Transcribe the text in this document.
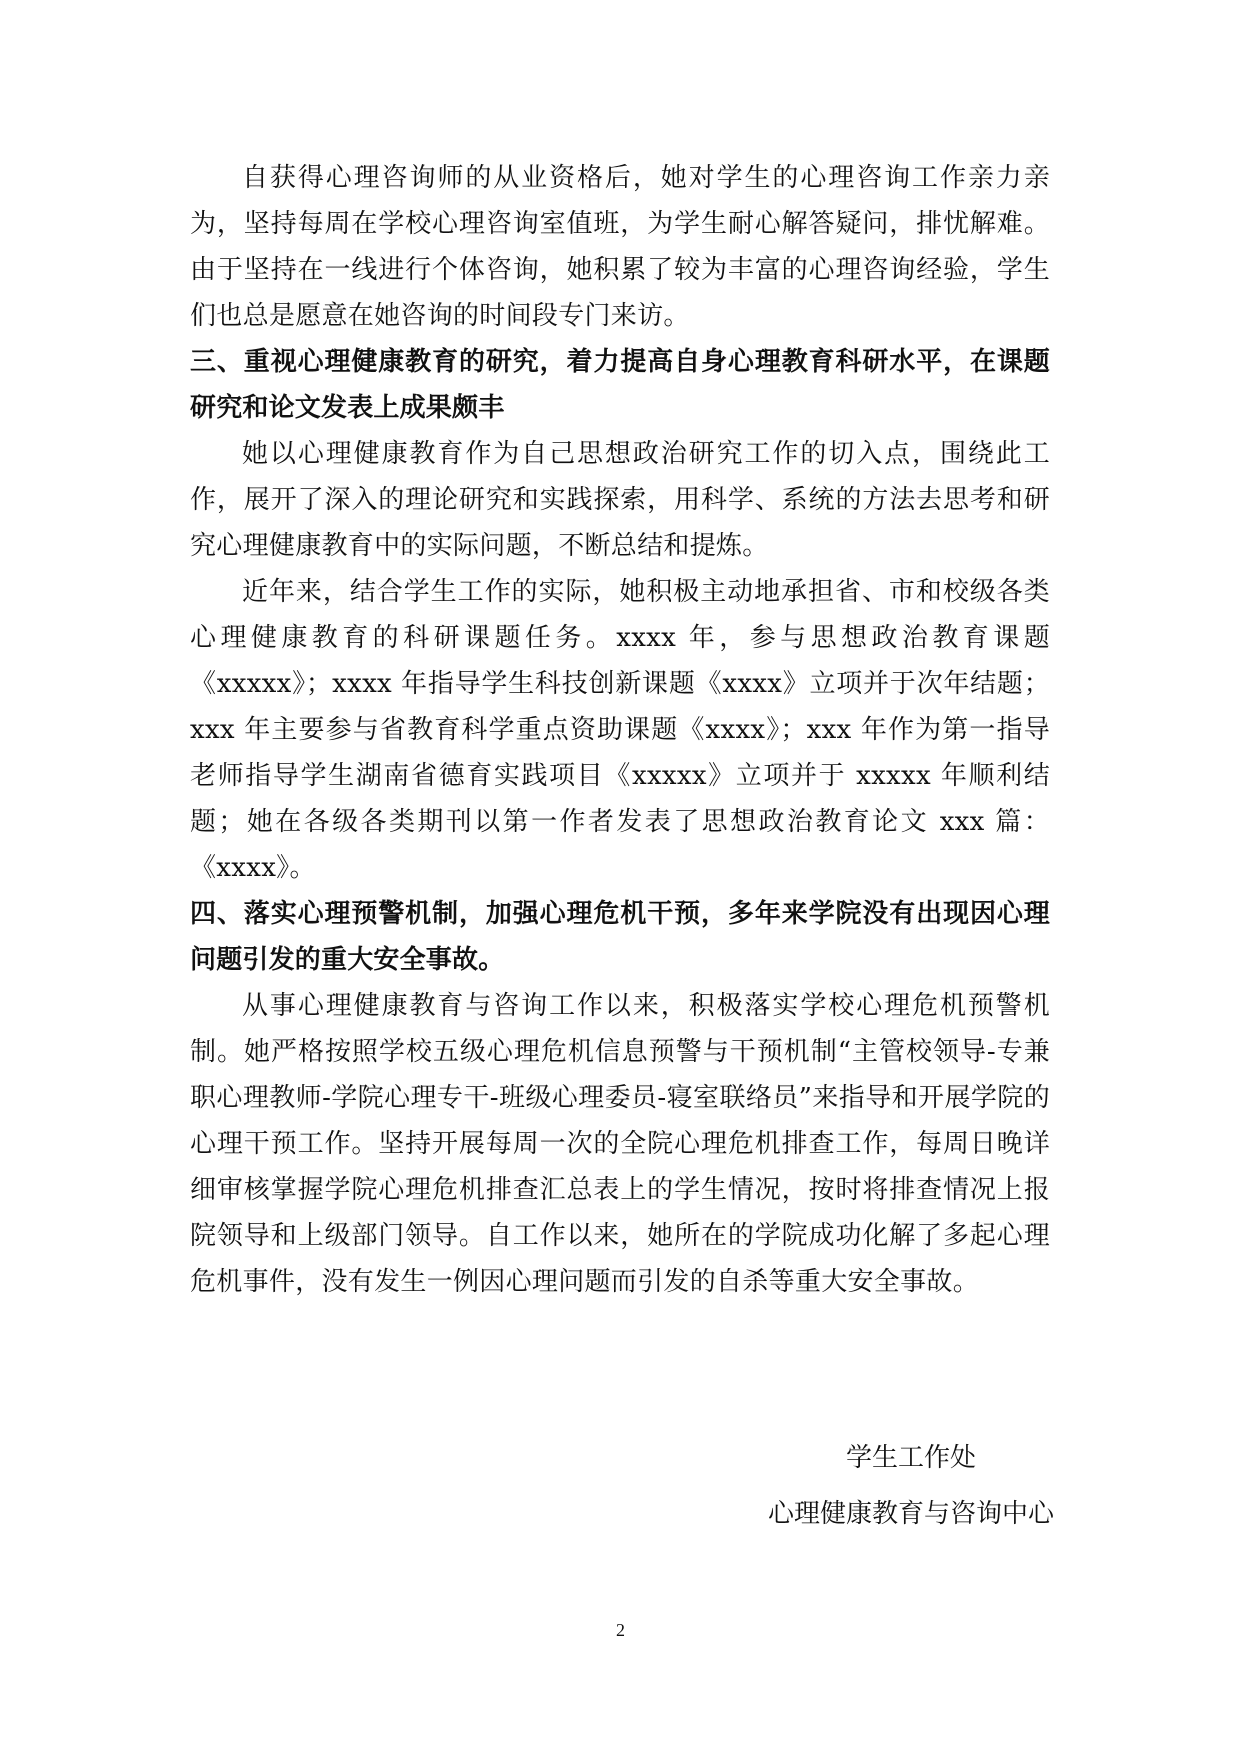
自获得心理咨询师的从业资格后，她对学生的心理咨询工作亲力亲为，坚持每周在学校心理咨询室值班，为学生耐心解答疑问，排忧解难。由于坚持在一线进行个体咨询，她积累了较为丰富的心理咨询经验，学生们也总是愿意在她咨询的时间段专门来访。

三、重视心理健康教育的研究，着力提高自身心理教育科研水平，在课题研究和论文发表上成果颇丰

她以心理健康教育作为自己思想政治研究工作的切入点，围绕此工作，展开了深入的理论研究和实践探索，用科学、系统的方法去思考和研究心理健康教育中的实际问题，不断总结和提炼。

近年来，结合学生工作的实际，她积极主动地承担省、市和校级各类心理健康教育的科研课题任务。xxxx 年，参与思想政治教育课题《xxxxx》；xxxx 年指导学生科技创新课题《xxxx》立项并于次年结题；xxx 年主要参与省教育科学重点资助课题《xxxx》；xxx 年作为第一指导老师指导学生湖南省德育实践项目《xxxxx》立项并于 xxxxx 年顺利结题；她在各级各类期刊以第一作者发表了思想政治教育论文 xxx 篇：《xxxx》。

四、落实心理预警机制，加强心理危机干预，多年来学院没有出现因心理问题引发的重大安全事故。

从事心理健康教育与咨询工作以来，积极落实学校心理危机预警机制。她严格按照学校五级心理危机信息预警与干预机制“主管校领导-专兼职心理教师-学院心理专干-班级心理委员-寝室联络员”来指导和开展学院的心理干预工作。坚持开展每周一次的全院心理危机排查工作，每周日晚详细审核掌握学院心理危机排查汇总表上的学生情况，按时将排查情况上报院领导和上级部门领导。自工作以来，她所在的学院成功化解了多起心理危机事件，没有发生一例因心理问题而引发的自杀等重大安全事故。

学生工作处
心理健康教育与咨询中心
2
